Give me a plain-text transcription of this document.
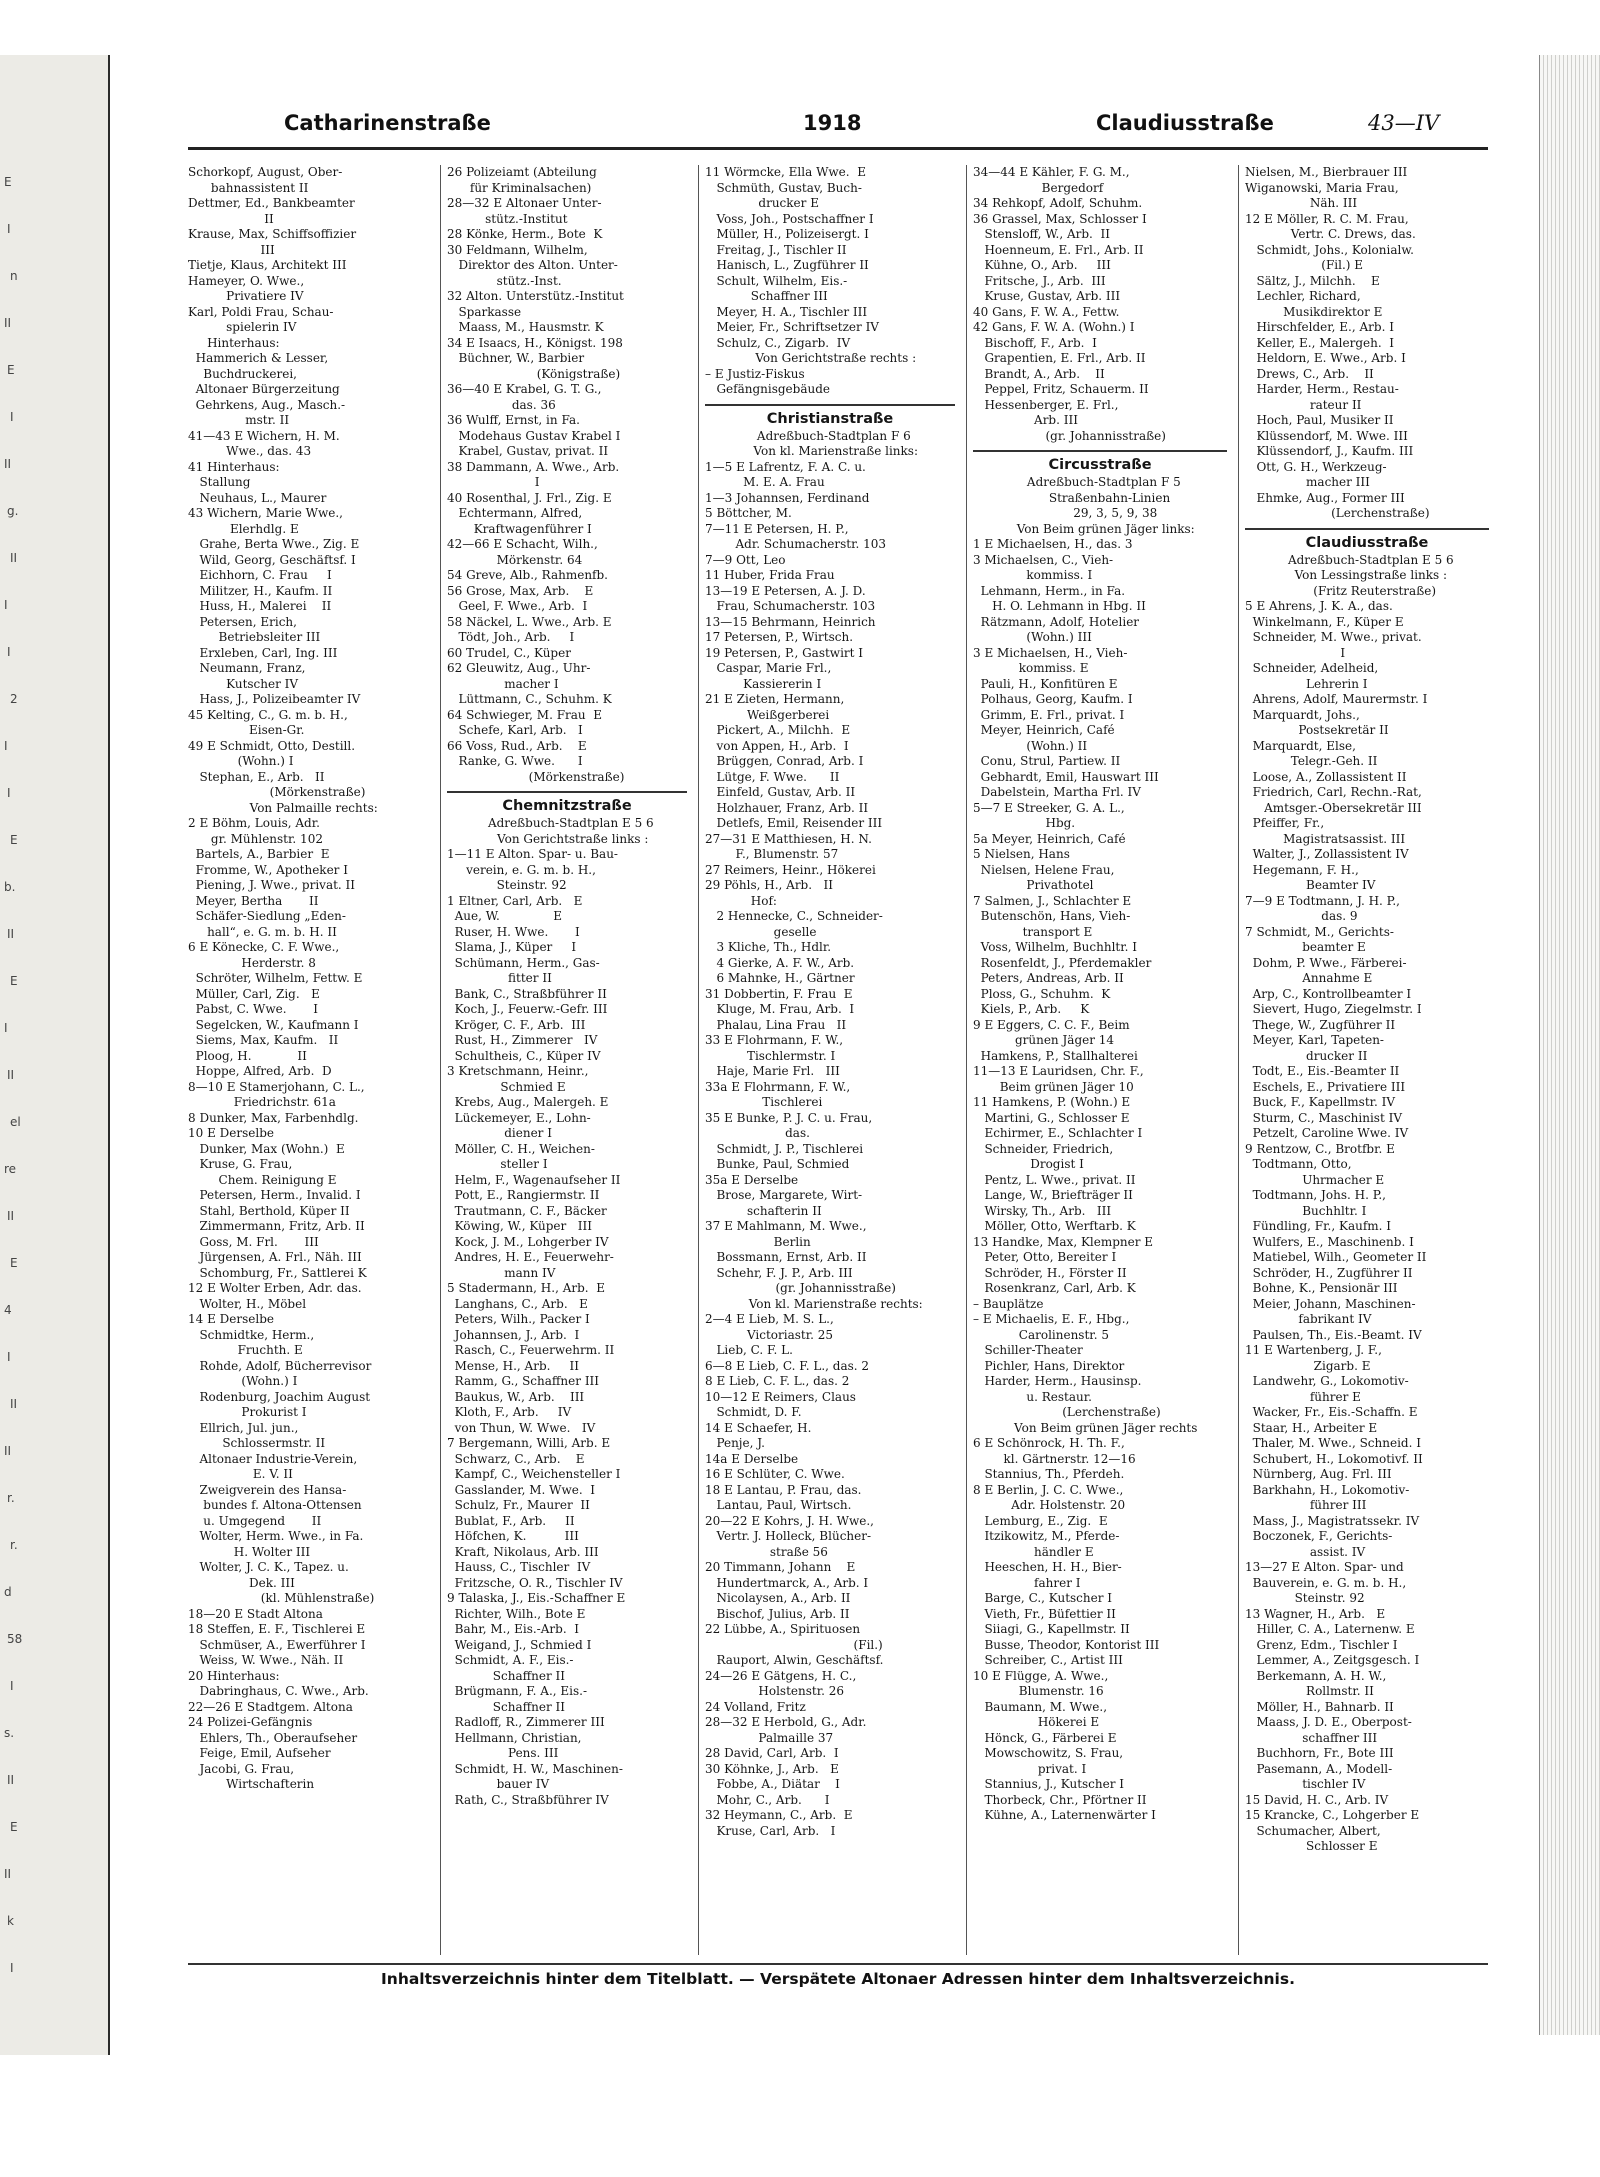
E
I
n
II
E
I
II
g.
II
I
I
2
I
I
E
b.
II
E
I
II
el
re
II
E
4
I
II
II
r.
r.
d
58
I
s.
II
E
II
k
I
Catharinenstraße	1918	Claudiusstraße	43—IV
Schorkopf, August, Ober-
bahnassistent II
Dettmer, Ed., Bankbeamter
II
Krause, Max, Schiffsoffizier
III
Tietje, Klaus, Architekt III
Hameyer, O. Wwe.,
Privatiere IV
Karl, Poldi Frau, Schau-
spielerin IV
Hinterhaus:
Hammerich & Lesser,
Buchdruckerei,
Altonaer Bürgerzeitung
Gehrkens, Aug., Masch.-
mstr. II
41—43 E Wichern, H. M.
Wwe., das. 43
41 Hinterhaus:
Stallung
Neuhaus, L., Maurer
43 Wichern, Marie Wwe.,
Elerhdlg. E
Grahe, Berta Wwe., Zig. E
Wild, Georg, Geschäftsf. I
Eichhorn, C. Frau     I
Militzer, H., Kaufm. II
Huss, H., Malerei    II
Petersen, Erich,
Betriebsleiter III
Erxleben, Carl, Ing. III
Neumann, Franz,
Kutscher IV
Hass, J., Polizeibeamter IV
45 Kelting, C., G. m. b. H.,
Eisen-Gr.
49 E Schmidt, Otto, Destill.
(Wohn.) I
Stephan, E., Arb.   II
(Mörkenstraße)
Von Palmaille rechts:
2 E Böhm, Louis, Adr.
gr. Mühlenstr. 102
Bartels, A., Barbier  E
Fromme, W., Apotheker I
Piening, J. Wwe., privat. II
Meyer, Bertha       II
Schäfer-Siedlung „Eden-
hall“, e. G. m. b. H. II
6 E Könecke, C. F. Wwe.,
Herderstr. 8
Schröter, Wilhelm, Fettw. E
Müller, Carl, Zig.   E
Pabst, C. Wwe.       I
Segelcken, W., Kaufmann I
Siems, Max, Kaufm.   II
Ploog, H.            II
Hoppe, Alfred, Arb.  D
8—10 E Stamerjohann, C. L.,
Friedrichstr. 61a
8 Dunker, Max, Farbenhdlg.
10 E Derselbe
Dunker, Max (Wohn.)  E
Kruse, G. Frau,
Chem. Reinigung E
Petersen, Herm., Invalid. I
Stahl, Berthold, Küper II
Zimmermann, Fritz, Arb. II
Goss, M. Frl.       III
Jürgensen, A. Frl., Näh. III
Schomburg, Fr., Sattlerei K
12 E Wolter Erben, Adr. das.
Wolter, H., Möbel
14 E Derselbe
Schmidtke, Herm.,
Fruchth. E
Rohde, Adolf, Bücherrevisor
(Wohn.) I
Rodenburg, Joachim August
Prokurist I
Ellrich, Jul. jun.,
Schlossermstr. II
Altonaer Industrie-Verein,
E. V. II
Zweigverein des Hansa-
bundes f. Altona-Ottensen
u. Umgegend       II
Wolter, Herm. Wwe., in Fa.
H. Wolter III
Wolter, J. C. K., Tapez. u.
Dek. III
(kl. Mühlenstraße)
18—20 E Stadt Altona
18 Steffen, E. F., Tischlerei E
Schmüser, A., Ewerführer I
Weiss, W. Wwe., Näh. II
20 Hinterhaus:
Dabringhaus, C. Wwe., Arb.
22—26 E Stadtgem. Altona
24 Polizei-Gefängnis
Ehlers, Th., Oberaufseher
Feige, Emil, Aufseher
Jacobi, G. Frau,
Wirtschafterin
26 Polizeiamt (Abteilung
für Kriminalsachen)
28—32 E Altonaer Unter-
stütz.-Institut
28 Könke, Herm., Bote  K
30 Feldmann, Wilhelm,
Direktor des Alton. Unter-
stütz.-Inst.
32 Alton. Unterstütz.-Institut
Sparkasse
Maass, M., Hausmstr. K
34 E Isaacs, H., Königst. 198
Büchner, W., Barbier
(Königstraße)
36—40 E Krabel, G. T. G.,
das. 36
36 Wulff, Ernst, in Fa.
Modehaus Gustav Krabel I
Krabel, Gustav, privat. II
38 Dammann, A. Wwe., Arb.
I
40 Rosenthal, J. Frl., Zig. E
Echtermann, Alfred,
Kraftwagenführer I
42—66 E Schacht, Wilh.,
Mörkenstr. 64
54 Greve, Alb., Rahmenfb.
56 Grose, Max, Arb.    E
Geel, F. Wwe., Arb.  I
58 Näckel, L. Wwe., Arb. E
Tödt, Joh., Arb.     I
60 Trudel, C., Küper
62 Gleuwitz, Aug., Uhr-
macher I
Lüttmann, C., Schuhm. K
64 Schwieger, M. Frau  E
Schefe, Karl, Arb.   I
66 Voss, Rud., Arb.    E
Ranke, G. Wwe.      I
(Mörkenstraße)
Chemnitzstraße
Adreßbuch-Stadtplan E 5 6
Von Gerichtstraße links :
1—11 E Alton. Spar- u. Bau-
verein, e. G. m. b. H.,
Steinstr. 92
1 Eltner, Carl, Arb.   E
Aue, W.              E
Ruser, H. Wwe.       I
Slama, J., Küper     I
Schümann, Herm., Gas-
fitter II
Bank, C., Straßbführer II
Koch, J., Feuerw.-Gefr. III
Kröger, C. F., Arb.  III
Rust, H., Zimmerer   IV
Schultheis, C., Küper IV
3 Kretschmann, Heinr.,
Schmied E
Krebs, Aug., Malergeh. E
Lückemeyer, E., Lohn-
diener I
Möller, C. H., Weichen-
steller I
Helm, F., Wagenaufseher II
Pott, E., Rangiermstr. II
Trautmann, C. F., Bäcker
Köwing, W., Küper   III
Kock, J. M., Lohgerber IV
Andres, H. E., Feuerwehr-
mann IV
5 Stadermann, H., Arb.  E
Langhans, C., Arb.   E
Peters, Wilh., Packer I
Johannsen, J., Arb.  I
Rasch, C., Feuerwehrm. II
Mense, H., Arb.     II
Ramm, G., Schaffner III
Baukus, W., Arb.    III
Kloth, F., Arb.     IV
von Thun, W. Wwe.   IV
7 Bergemann, Willi, Arb. E
Schwarz, C., Arb.    E
Kampf, C., Weichensteller I
Gasslander, M. Wwe.  I
Schulz, Fr., Maurer  II
Bublat, F., Arb.     II
Höfchen, K.          III
Kraft, Nikolaus, Arb. III
Hauss, C., Tischler  IV
Fritzsche, O. R., Tischler IV
9 Talaska, J., Eis.-Schaffner E
Richter, Wilh., Bote E
Bahr, M., Eis.-Arb.  I
Weigand, J., Schmied I
Schmidt, A. F., Eis.-
Schaffner II
Brügmann, F. A., Eis.-
Schaffner II
Radloff, R., Zimmerer III
Hellmann, Christian,
Pens. III
Schmidt, H. W., Maschinen-
bauer IV
Rath, C., Straßbführer IV
11 Wörmcke, Ella Wwe.  E
Schmüth, Gustav, Buch-
drucker E
Voss, Joh., Postschaffner I
Müller, H., Polizeisergt. I
Freitag, J., Tischler II
Hanisch, L., Zugführer II
Schult, Wilhelm, Eis.-
Schaffner III
Meyer, H. A., Tischler III
Meier, Fr., Schriftsetzer IV
Schulz, C., Zigarb.  IV
Von Gerichtstraße rechts :
– E Justiz-Fiskus
Gefängnisgebäude
Christianstraße
Adreßbuch-Stadtplan F 6
Von kl. Marienstraße links:
1—5 E Lafrentz, F. A. C. u.
M. E. A. Frau
1—3 Johannsen, Ferdinand
5 Böttcher, M.
7—11 E Petersen, H. P.,
Adr. Schumacherstr. 103
7—9 Ott, Leo
11 Huber, Frida Frau
13—19 E Petersen, A. J. D.
Frau, Schumacherstr. 103
13—15 Behrmann, Heinrich
17 Petersen, P., Wirtsch.
19 Petersen, P., Gastwirt I
Caspar, Marie Frl.,
Kassiererin I
21 E Zieten, Hermann,
Weißgerberei
Pickert, A., Milchh.  E
von Appen, H., Arb.  I
Brüggen, Conrad, Arb. I
Lütge, F. Wwe.      II
Einfeld, Gustav, Arb. II
Holzhauer, Franz, Arb. II
Detlefs, Emil, Reisender III
27—31 E Matthiesen, H. N.
F., Blumenstr. 57
27 Reimers, Heinr., Hökerei
29 Pöhls, H., Arb.   II
Hof:
2 Hennecke, C., Schneider-
geselle
3 Kliche, Th., Hdlr.
4 Gierke, A. F. W., Arb.
6 Mahnke, H., Gärtner
31 Dobbertin, F. Frau  E
Kluge, M. Frau, Arb.  I
Phalau, Lina Frau   II
33 E Flohrmann, F. W.,
Tischlermstr. I
Haje, Marie Frl.   III
33a E Flohrmann, F. W.,
Tischlerei
35 E Bunke, P. J. C. u. Frau,
das.
Schmidt, J. P., Tischlerei
Bunke, Paul, Schmied
35a E Derselbe
Brose, Margarete, Wirt-
schafterin II
37 E Mahlmann, M. Wwe.,
Berlin
Bossmann, Ernst, Arb. II
Schehr, F. J. P., Arb. III
(gr. Johannisstraße)
Von kl. Marienstraße rechts:
2—4 E Lieb, M. S. L.,
Victoriastr. 25
Lieb, C. F. L.
6—8 E Lieb, C. F. L., das. 2
8 E Lieb, C. F. L., das. 2
10—12 E Reimers, Claus
Schmidt, D. F.
14 E Schaefer, H.
Penje, J.
14a E Derselbe
16 E Schlüter, C. Wwe.
18 E Lantau, P. Frau, das.
Lantau, Paul, Wirtsch.
20—22 E Kohrs, J. H. Wwe.,
Vertr. J. Holleck, Blücher-
straße 56
20 Timmann, Johann    E
Hundertmarck, A., Arb. I
Nicolaysen, A., Arb. II
Bischof, Julius, Arb. II
22 Lübbe, A., Spirituosen
(Fil.)
Rauport, Alwin, Geschäftsf.
24—26 E Gätgens, H. C.,
Holstenstr. 26
24 Volland, Fritz
28—32 E Herbold, G., Adr.
Palmaille 37
28 David, Carl, Arb.  I
30 Köhnke, J., Arb.   E
Fobbe, A., Diätar    I
Mohr, C., Arb.      I
32 Heymann, C., Arb.  E
Kruse, Carl, Arb.   I
34—44 E Kähler, F. G. M.,
Bergedorf
34 Rehkopf, Adolf, Schuhm.
36 Grassel, Max, Schlosser I
Stensloff, W., Arb.  II
Hoenneum, E. Frl., Arb. II
Kühne, O., Arb.     III
Fritsche, J., Arb.  III
Kruse, Gustav, Arb. III
40 Gans, F. W. A., Fettw.
42 Gans, F. W. A. (Wohn.) I
Bischoff, F., Arb.  I
Grapentien, E. Frl., Arb. II
Brandt, A., Arb.    II
Peppel, Fritz, Schauerm. II
Hessenberger, E. Frl.,
Arb. III
(gr. Johannisstraße)
Circusstraße
Adreßbuch-Stadtplan F 5
Straßenbahn-Linien
29, 3, 5, 9, 38
Von Beim grünen Jäger links:
1 E Michaelsen, H., das. 3
3 Michaelsen, C., Vieh-
kommiss. I
Lehmann, Herm., in Fa.
H. O. Lehmann in Hbg. II
Rätzmann, Adolf, Hotelier
(Wohn.) III
3 E Michaelsen, H., Vieh-
kommiss. E
Pauli, H., Konfitüren E
Polhaus, Georg, Kaufm. I
Grimm, E. Frl., privat. I
Meyer, Heinrich, Café
(Wohn.) II
Conu, Strul, Partiew. II
Gebhardt, Emil, Hauswart III
Dabelstein, Martha Frl. IV
5—7 E Streeker, G. A. L.,
Hbg.
5a Meyer, Heinrich, Café
5 Nielsen, Hans
Nielsen, Helene Frau,
Privathotel
7 Salmen, J., Schlachter E
Butenschön, Hans, Vieh-
transport E
Voss, Wilhelm, Buchhltr. I
Rosenfeldt, J., Pferdemakler
Peters, Andreas, Arb. II
Ploss, G., Schuhm.  K
Kiels, P., Arb.     K
9 E Eggers, C. C. F., Beim
grünen Jäger 14
Hamkens, P., Stallhalterei
11—13 E Lauridsen, Chr. F.,
Beim grünen Jäger 10
11 Hamkens, P. (Wohn.) E
Martini, G., Schlosser E
Echirmer, E., Schlachter I
Schneider, Friedrich,
Drogist I
Pentz, L. Wwe., privat. II
Lange, W., Briefträger II
Wirsky, Th., Arb.   III
Möller, Otto, Werftarb. K
13 Handke, Max, Klempner E
Peter, Otto, Bereiter I
Schröder, H., Förster II
Rosenkranz, Carl, Arb. K
– Bauplätze
– E Michaelis, E. F., Hbg.,
Carolinenstr. 5
Schiller-Theater
Pichler, Hans, Direktor
Harder, Herm., Hausinsp.
u. Restaur.
(Lerchenstraße)
Von Beim grünen Jäger rechts
6 E Schönrock, H. Th. F.,
kl. Gärtnerstr. 12—16
Stannius, Th., Pferdeh.
8 E Berlin, J. C. C. Wwe.,
Adr. Holstenstr. 20
Lemburg, E., Zig.  E
Itzikowitz, M., Pferde-
händler E
Heeschen, H. H., Bier-
fahrer I
Barge, C., Kutscher I
Vieth, Fr., Büfettier II
Siiagi, G., Kapellmstr. II
Busse, Theodor, Kontorist III
Schreiber, C., Artist III
10 E Flügge, A. Wwe.,
Blumenstr. 16
Baumann, M. Wwe.,
Hökerei E
Hönck, G., Färberei E
Mowschowitz, S. Frau,
privat. I
Stannius, J., Kutscher I
Thorbeck, Chr., Pförtner II
Kühne, A., Laternenwärter I
Nielsen, M., Bierbrauer III
Wiganowski, Maria Frau,
Näh. III
12 E Möller, R. C. M. Frau,
Vertr. C. Drews, das.
Schmidt, Johs., Kolonialw.
(Fil.) E
Sältz, J., Milchh.    E
Lechler, Richard,
Musikdirektor E
Hirschfelder, E., Arb. I
Keller, E., Malergeh.  I
Heldorn, E. Wwe., Arb. I
Drews, C., Arb.    II
Harder, Herm., Restau-
rateur II
Hoch, Paul, Musiker II
Klüssendorf, M. Wwe. III
Klüssendorf, J., Kaufm. III
Ott, G. H., Werkzeug-
macher III
Ehmke, Aug., Former III
(Lerchenstraße)
Claudiusstraße
Adreßbuch-Stadtplan E 5 6
Von Lessingstraße links :
(Fritz Reuterstraße)
5 E Ahrens, J. K. A., das.
Winkelmann, F., Küper E
Schneider, M. Wwe., privat.
I
Schneider, Adelheid,
Lehrerin I
Ahrens, Adolf, Maurermstr. I
Marquardt, Johs.,
Postsekretär II
Marquardt, Else,
Telegr.-Geh. II
Loose, A., Zollassistent II
Friedrich, Carl, Rechn.-Rat,
Amtsger.-Obersekretär III
Pfeiffer, Fr.,
Magistratsassist. III
Walter, J., Zollassistent IV
Hegemann, F. H.,
Beamter IV
7—9 E Todtmann, J. H. P.,
das. 9
7 Schmidt, M., Gerichts-
beamter E
Dohm, P. Wwe., Färberei-
Annahme E
Arp, C., Kontrollbeamter I
Sievert, Hugo, Ziegelmstr. I
Thege, W., Zugführer II
Meyer, Karl, Tapeten-
drucker II
Todt, E., Eis.-Beamter II
Eschels, E., Privatiere III
Buck, F., Kapellmstr. IV
Sturm, C., Maschinist IV
Petzelt, Caroline Wwe. IV
9 Rentzow, C., Brotfbr. E
Todtmann, Otto,
Uhrmacher E
Todtmann, Johs. H. P.,
Buchhltr. I
Fündling, Fr., Kaufm. I
Wulfers, E., Maschinenb. I
Matiebel, Wilh., Geometer II
Schröder, H., Zugführer II
Bohne, K., Pensionär III
Meier, Johann, Maschinen-
fabrikant IV
Paulsen, Th., Eis.-Beamt. IV
11 E Wartenberg, J. F.,
Zigarb. E
Landwehr, G., Lokomotiv-
führer E
Wacker, Fr., Eis.-Schaffn. E
Staar, H., Arbeiter E
Thaler, M. Wwe., Schneid. I
Schubert, H., Lokomotivf. II
Nürnberg, Aug. Frl. III
Barkhahn, H., Lokomotiv-
führer III
Mass, J., Magistratssekr. IV
Boczonek, F., Gerichts-
assist. IV
13—27 E Alton. Spar- und
Bauverein, e. G. m. b. H.,
Steinstr. 92
13 Wagner, H., Arb.   E
Hiller, C. A., Laternenw. E
Grenz, Edm., Tischler I
Lemmer, A., Zeitgsgesch. I
Berkemann, A. H. W.,
Rollmstr. II
Möller, H., Bahnarb. II
Maass, J. D. E., Oberpost-
schaffner III
Buchhorn, Fr., Bote III
Pasemann, A., Modell-
tischler IV
15 David, H. C., Arb. IV
15 Krancke, C., Lohgerber E
Schumacher, Albert,
Schlosser E
Inhaltsverzeichnis hinter dem Titelblatt. — Verspätete Altonaer Adressen hinter dem Inhaltsverzeichnis.
